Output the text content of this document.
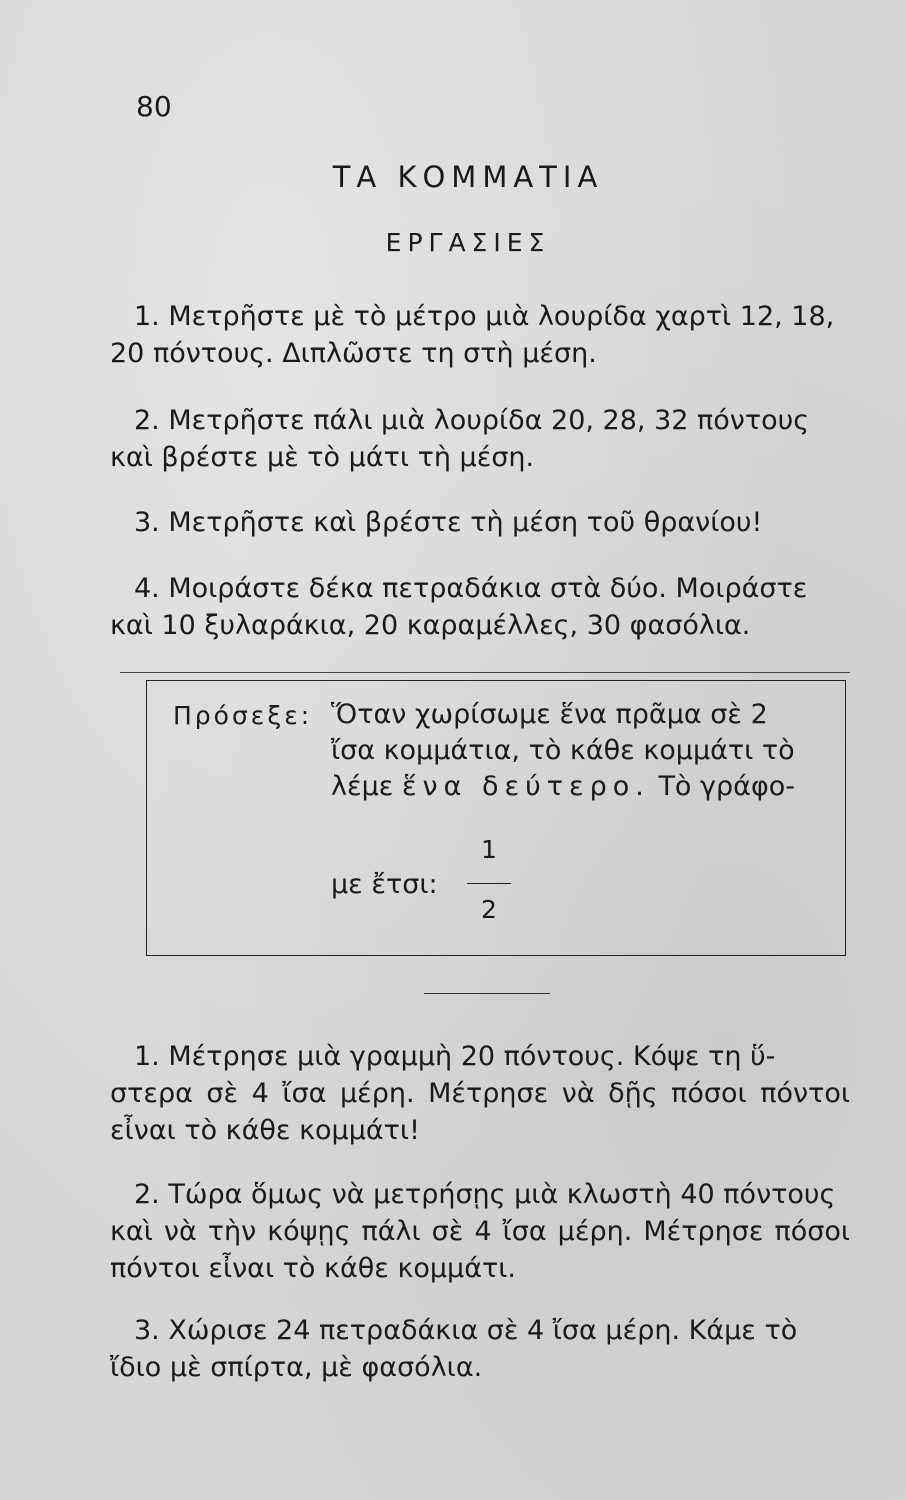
80
ΤΑ ΚΟΜΜΑΤΙΑ
ΕΡΓΑΣΙΕΣ
1. Μετρῆστε μὲ τὸ μέτρο μιὰ λουρίδα χαρτὶ 12, 18,
20 πόντους. Διπλῶστε τη στὴ μέση.
2. Μετρῆστε πάλι μιὰ λουρίδα 20, 28, 32 πόντους
καὶ βρέστε μὲ τὸ μάτι τὴ μέση.
3. Μετρῆστε καὶ βρέστε τὴ μέση τοῦ θρανίου!
4. Μοιράστε δέκα πετραδάκια στὰ δύο. Μοιράστε
καὶ 10 ξυλαράκια, 20 καραμέλλες, 30 φασόλια.
Πρόσεξε: Ὅταν χωρίσωμε ἕνα πρᾶμα σὲ 2
ἴσα κομμάτια, τὸ κάθε κομμάτι τὸ
λέμε ἕνα δεύτερο. Τὸ γράφο-
με ἔτσι:
1
2
1. Μέτρησε μιὰ γραμμὴ 20 πόντους. Κόψε τη ὕ-
στερα σὲ 4 ἴσα μέρη. Μέτρησε νὰ δῇς πόσοι πόντοι εἶναι τὸ κάθε κομμάτι!
2. Τώρα ὅμως νὰ μετρήσῃς μιὰ κλωστὴ 40 πόντους
καὶ νὰ τὴν κόψῃς πάλι σὲ 4 ἴσα μέρη. Μέτρησε πόσοι πόντοι εἶναι τὸ κάθε κομμάτι.
3. Χώρισε 24 πετραδάκια σὲ 4 ἴσα μέρη. Κάμε τὸ
ἴδιο μὲ σπίρτα, μὲ φασόλια.
